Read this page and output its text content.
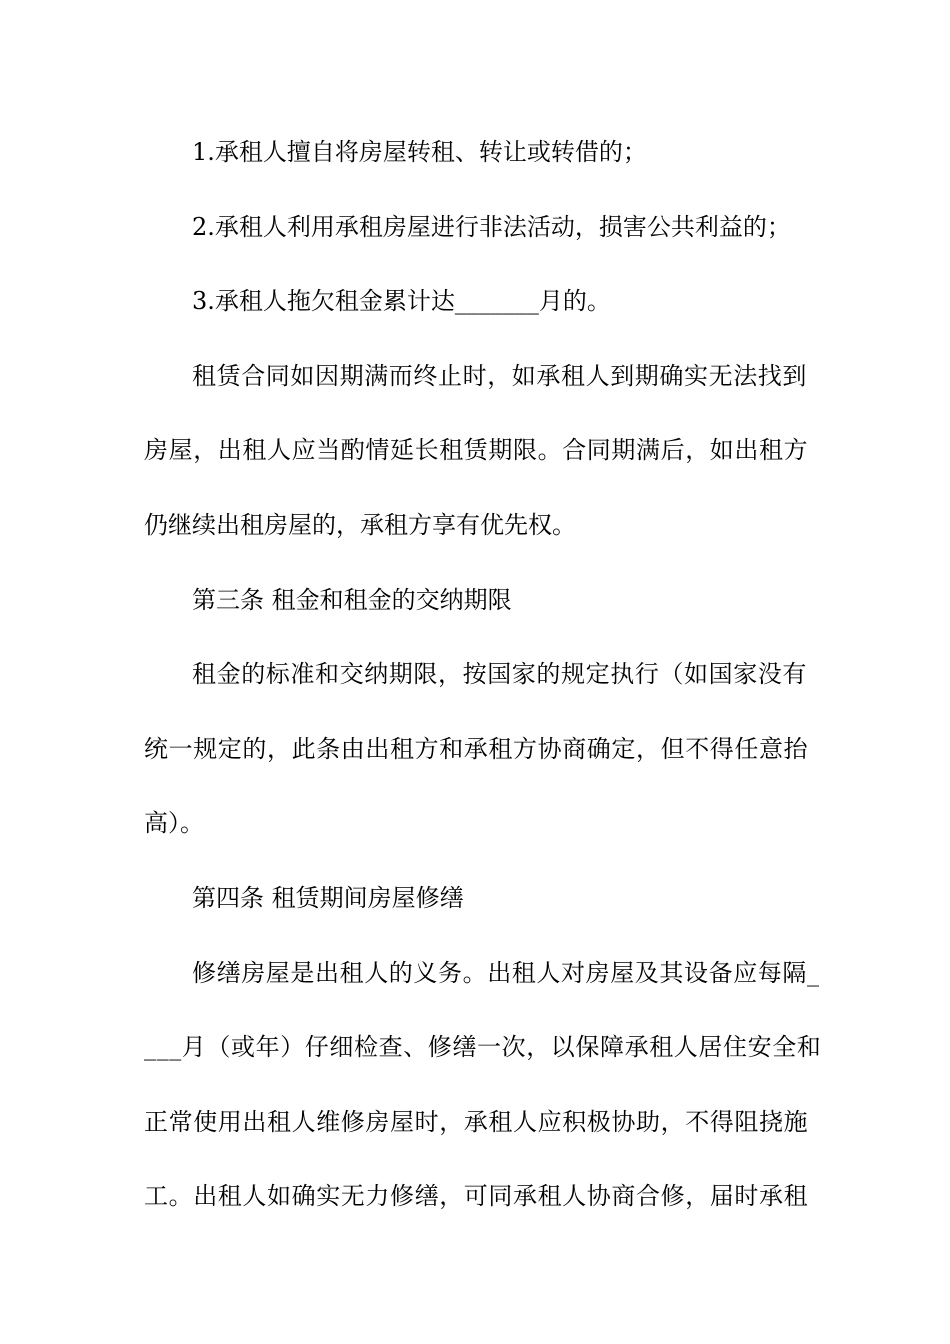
1.承租人擅自将房屋转租、转让或转借的；
2.承租人利用承租房屋进行非法活动，损害公共利益的；
3.承租人拖欠租金累计达_______月的。
租赁合同如因期满而终止时，如承租人到期确实无法找到
房屋，出租人应当酌情延长租赁期限。合同期满后，如出租方
仍继续出租房屋的，承租方享有优先权。
第三条 租金和租金的交纳期限
租金的标准和交纳期限，按国家的规定执行（如国家没有
统一规定的，此条由出租方和承租方协商确定，但不得任意抬
高）。
第四条 租赁期间房屋修缮
修缮房屋是出租人的义务。出租人对房屋及其设备应每隔_
___月（或年）仔细检查、修缮一次，以保障承租人居住安全和
正常使用出租人维修房屋时，承租人应积极协助，不得阻挠施
工。出租人如确实无力修缮，可同承租人协商合修，届时承租
